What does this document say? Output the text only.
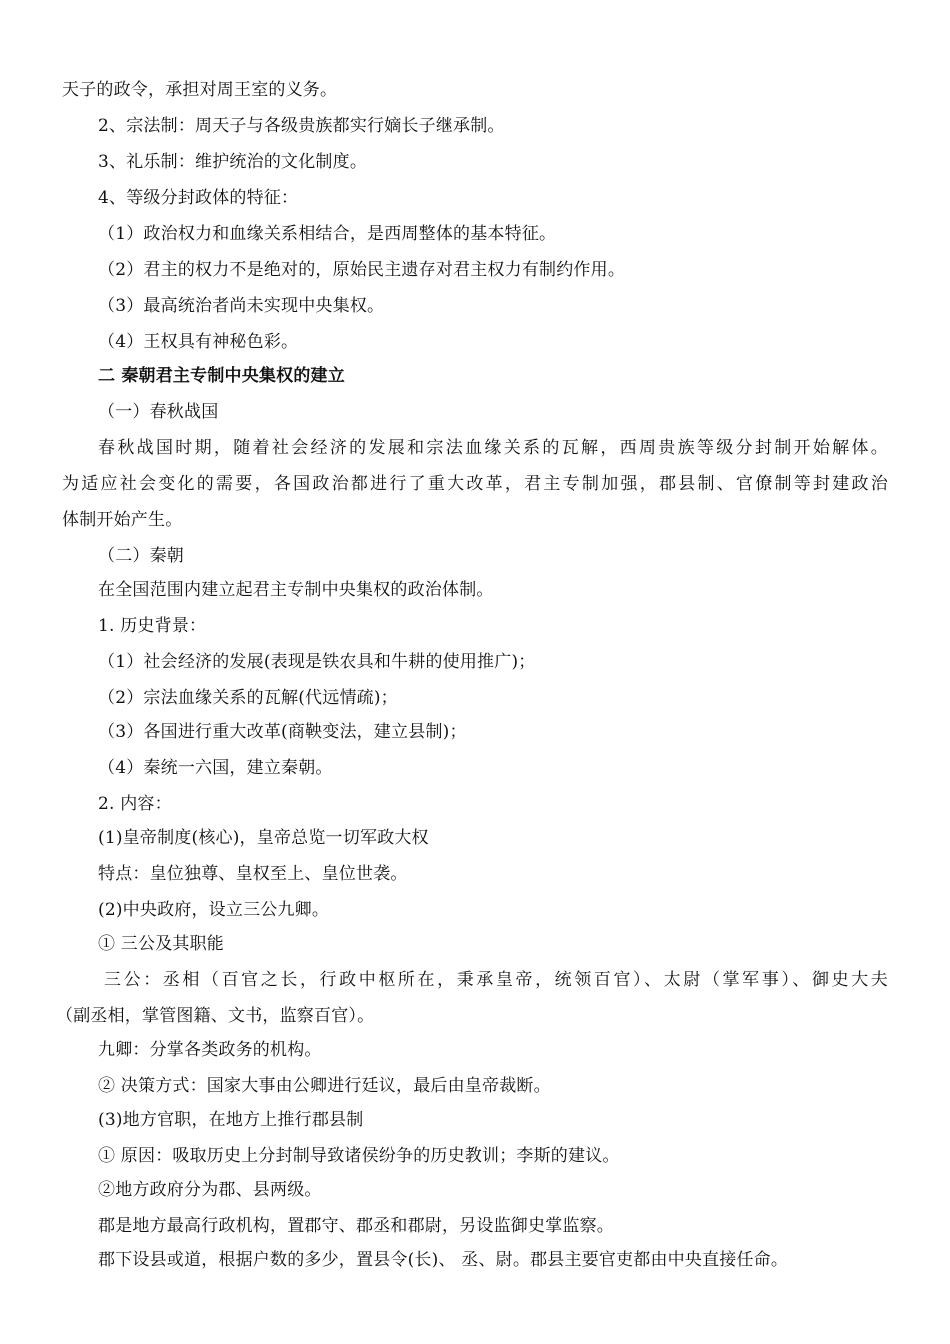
天子的政令，承担对周王室的义务。
2、宗法制：周天子与各级贵族都实行嫡长子继承制。
3、礼乐制：维护统治的文化制度。
4、等级分封政体的特征：
（1）政治权力和血缘关系相结合，是西周整体的基本特征。
（2）君主的权力不是绝对的，原始民主遗存对君主权力有制约作用。
（3）最高统治者尚未实现中央集权。
（4）王权具有神秘色彩。
二 秦朝君主专制中央集权的建立
（一）春秋战国
春秋战国时期，随着社会经济的发展和宗法血缘关系的瓦解，西周贵族等级分封制开始解体。
为适应社会变化的需要，各国政治都进行了重大改革，君主专制加强，郡县制、官僚制等封建政治
体制开始产生。
（二）秦朝
在全国范围内建立起君主专制中央集权的政治体制。
1. 历史背景：
（1）社会经济的发展(表现是铁农具和牛耕的使用推广)；
（2）宗法血缘关系的瓦解(代远情疏)；
（3）各国进行重大改革(商鞅变法，建立县制)；
（4）秦统一六国，建立秦朝。
2. 内容：
(1)皇帝制度(核心)，皇帝总览一切军政大权
特点：皇位独尊、皇权至上、皇位世袭。
(2)中央政府，设立三公九卿。
① 三公及其职能
三公：丞相（百官之长，行政中枢所在，秉承皇帝，统领百官）、太尉（掌军事）、御史大夫
（副丞相，掌管图籍、文书，监察百官）。
九卿：分掌各类政务的机构。
② 决策方式：国家大事由公卿进行廷议，最后由皇帝裁断。
(3)地方官职，在地方上推行郡县制
① 原因：吸取历史上分封制导致诸侯纷争的历史教训；李斯的建议。
②地方政府分为郡、县两级。
郡是地方最高行政机构，置郡守、郡丞和郡尉，另设监御史掌监察。
郡下设县或道，根据户数的多少，置县令(长)、 丞、尉。郡县主要官吏都由中央直接任命。
